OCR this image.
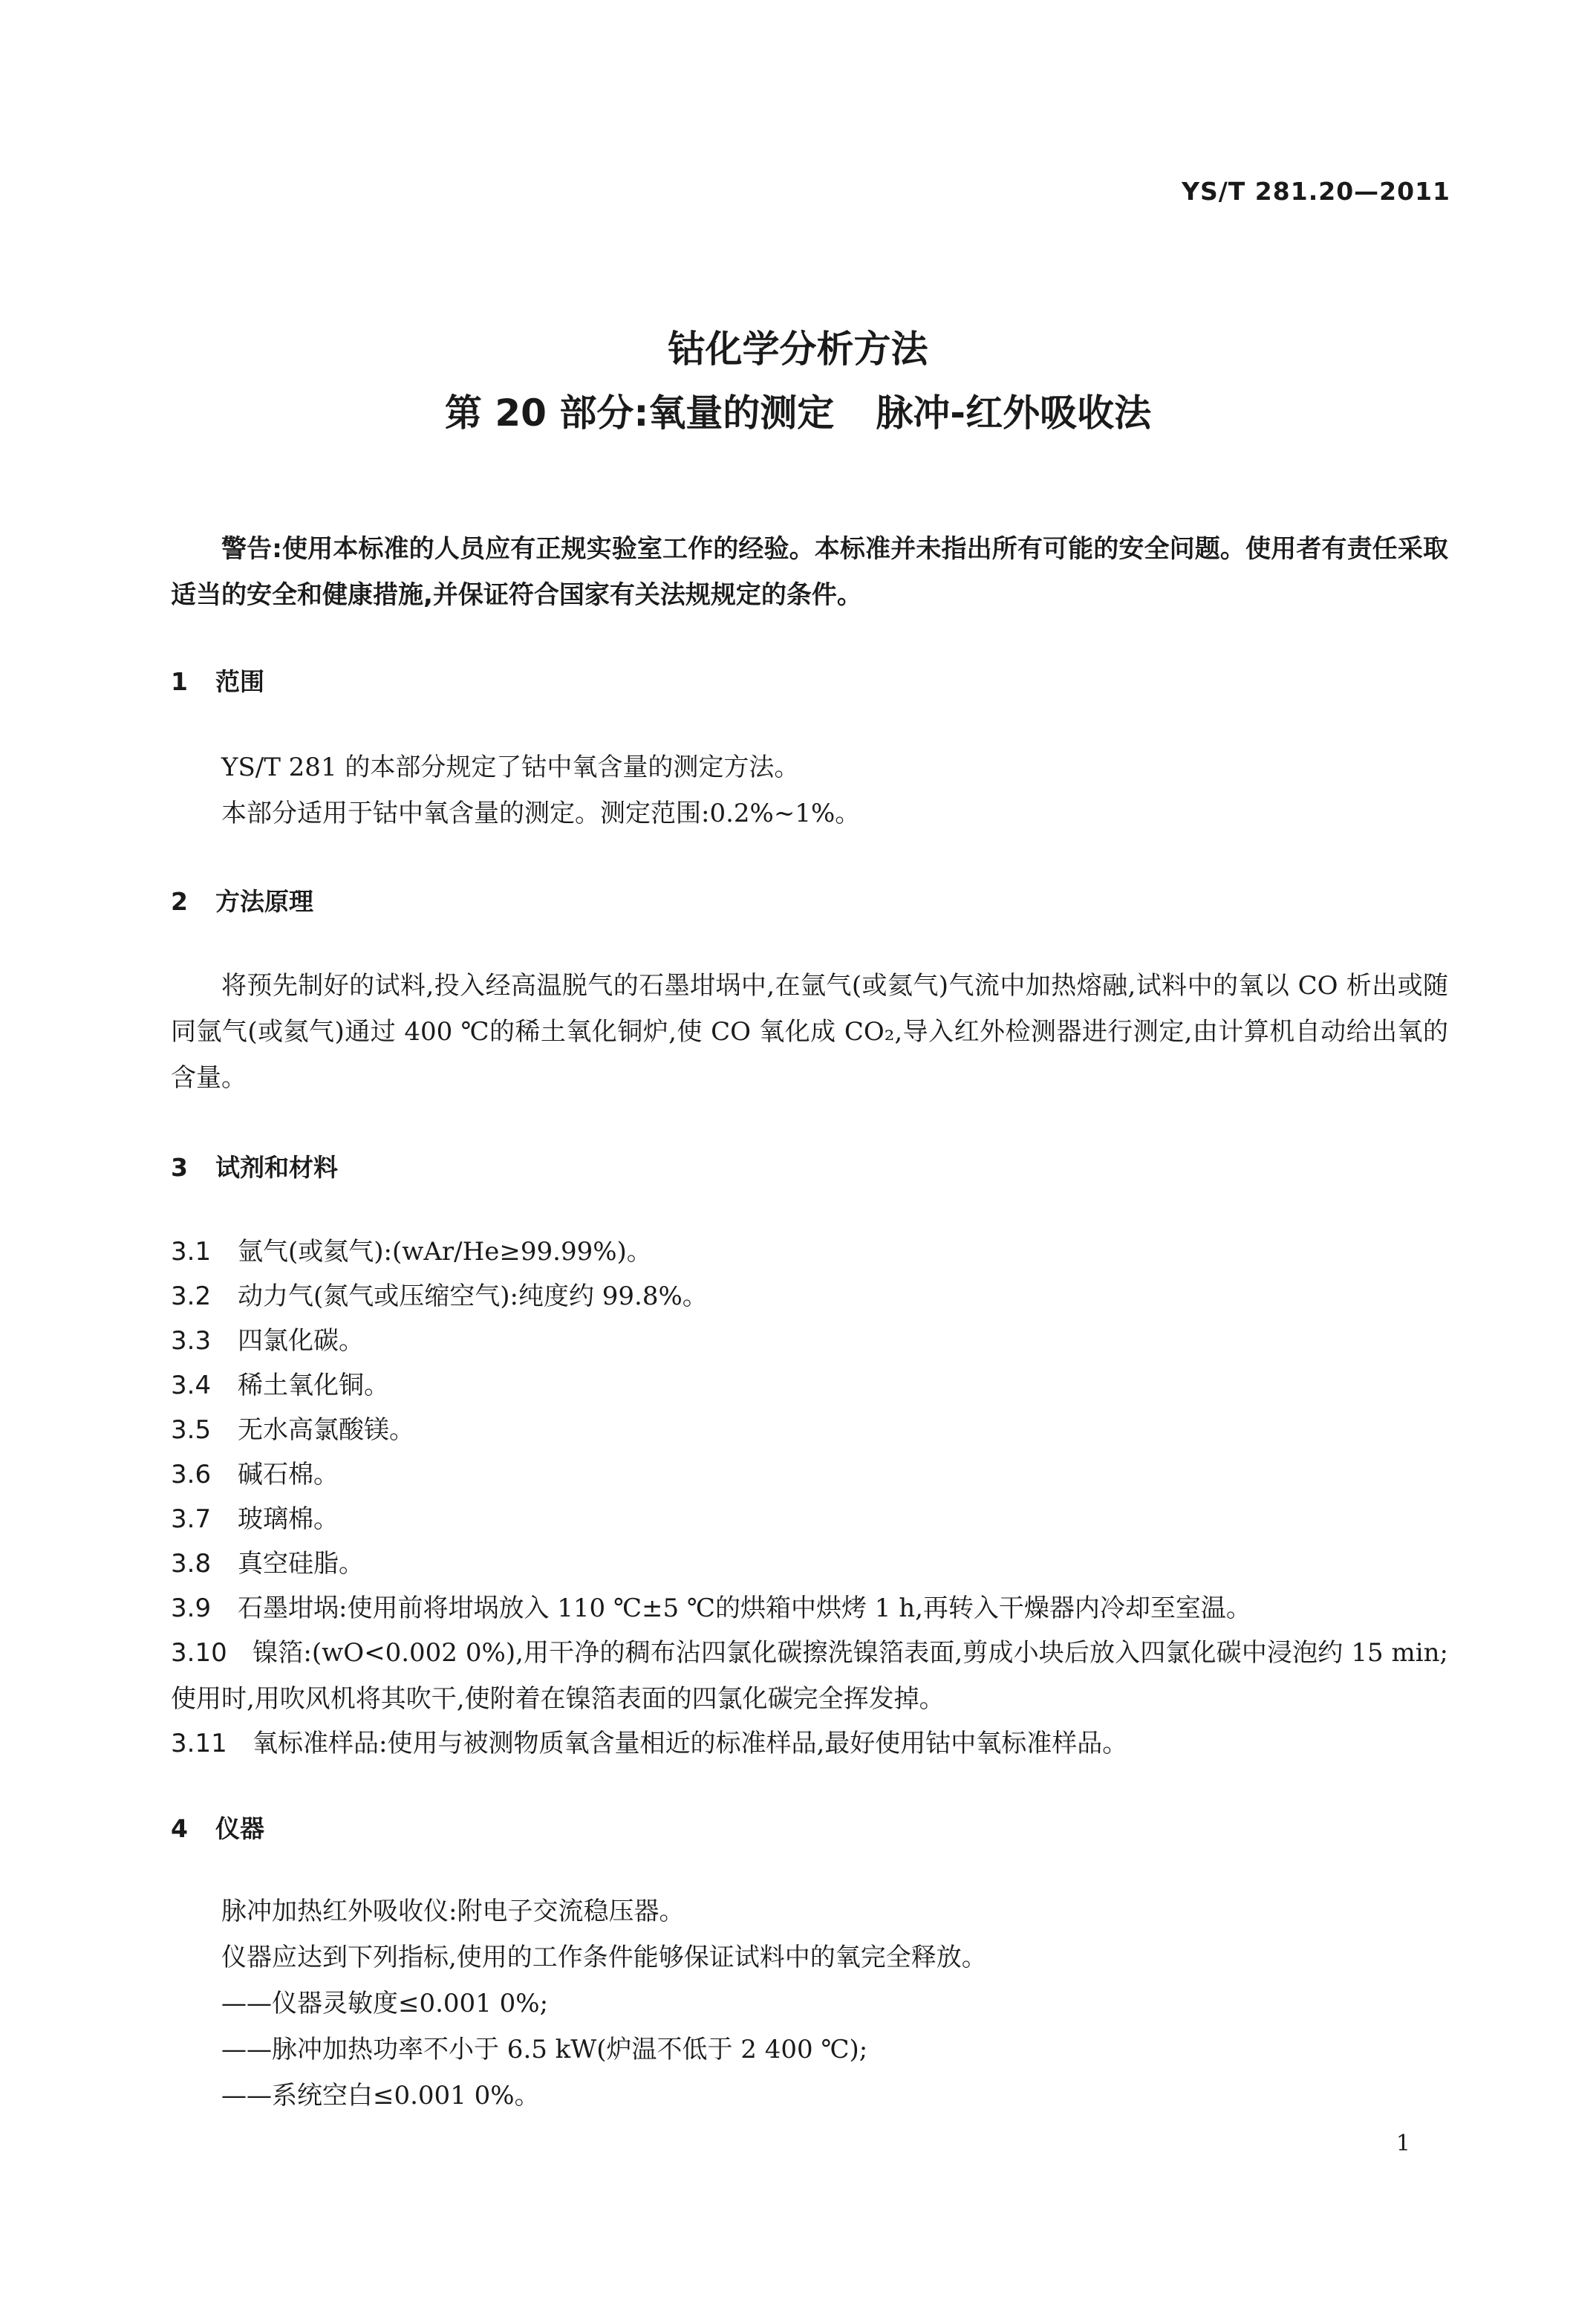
YS/T 281.20—2011
钴化学分析方法
第 20 部分:氧量的测定 脉冲-红外吸收法
警告:使用本标准的人员应有正规实验室工作的经验。本标准并未指出所有可能的安全问题。使用者有责任采取适当的安全和健康措施,并保证符合国家有关法规规定的条件。
1 范围
YS/T 281 的本部分规定了钴中氧含量的测定方法。
本部分适用于钴中氧含量的测定。测定范围:0.2%~1%。
2 方法原理
将预先制好的试料,投入经高温脱气的石墨坩埚中,在氩气(或氦气)气流中加热熔融,试料中的氧以 CO 析出或随同氩气(或氦气)通过 400 ℃的稀土氧化铜炉,使 CO 氧化成 CO₂,导入红外检测器进行测定,由计算机自动给出氧的含量。
3 试剂和材料
3.1 氩气(或氦气):(wAr/He≥99.99%)。
3.2 动力气(氮气或压缩空气):纯度约 99.8%。
3.3 四氯化碳。
3.4 稀土氧化铜。
3.5 无水高氯酸镁。
3.6 碱石棉。
3.7 玻璃棉。
3.8 真空硅脂。
3.9 石墨坩埚:使用前将坩埚放入 110 ℃±5 ℃的烘箱中烘烤 1 h,再转入干燥器内冷却至室温。
3.10 镍箔:(wO<0.002 0%),用干净的稠布沾四氯化碳擦洗镍箔表面,剪成小块后放入四氯化碳中浸泡约 15 min;使用时,用吹风机将其吹干,使附着在镍箔表面的四氯化碳完全挥发掉。
3.11 氧标准样品:使用与被测物质氧含量相近的标准样品,最好使用钴中氧标准样品。
4 仪器
脉冲加热红外吸收仪:附电子交流稳压器。
仪器应达到下列指标,使用的工作条件能够保证试料中的氧完全释放。
——仪器灵敏度≤0.001 0%;
——脉冲加热功率不小于 6.5 kW(炉温不低于 2 400 ℃);
——系统空白≤0.001 0%。
1
